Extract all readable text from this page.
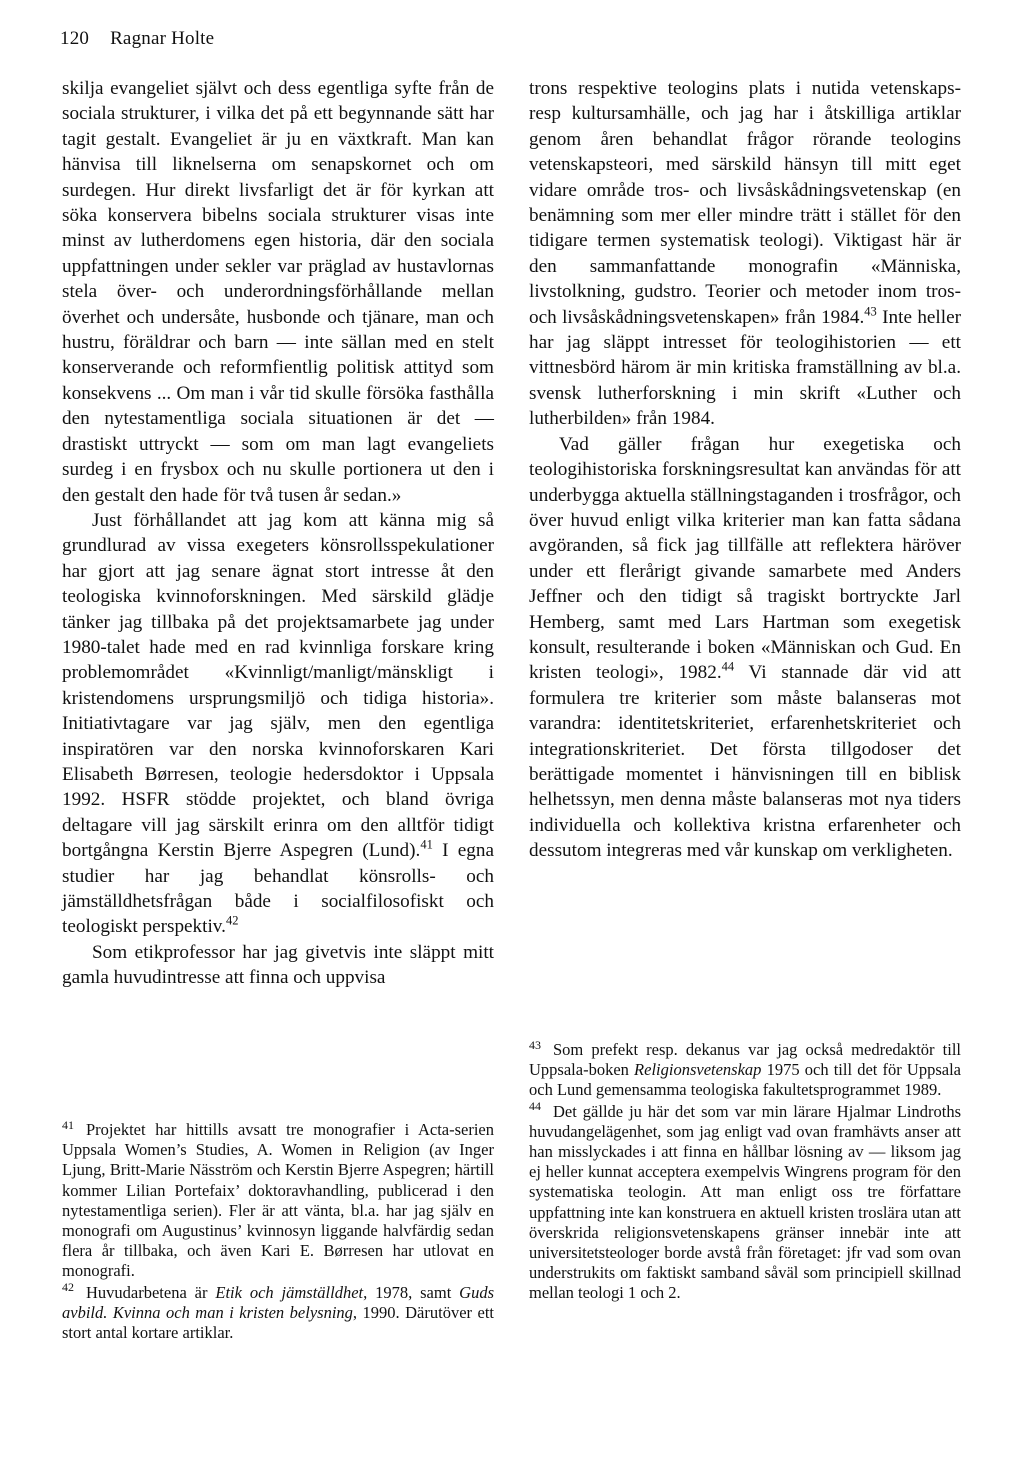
120 Ragnar Holte

skilja evangeliet självt och dess egentliga syfte från de sociala strukturer, i vilka det på ett begynnande sätt har tagit gestalt. Evangeliet är ju en växtkraft. Man kan hänvisa till liknelserna om senapskornet och om surdegen. Hur direkt livsfarligt det är för kyrkan att söka konservera bibelns sociala strukturer visas inte minst av lutherdomens egen historia, där den sociala uppfattningen under sekler var präglad av hustavlornas stela över- och underordningsförhållande mellan överhet och undersåte, husbonde och tjänare, man och hustru, föräldrar och barn — inte sällan med en stelt konserverande och reformfientlig politisk attityd som konsekvens ... Om man i vår tid skulle försöka fasthålla den nytestamentliga sociala situationen är det — drastiskt uttryckt — som om man lagt evangeliets surdeg i en frysbox och nu skulle portionera ut den i den gestalt den hade för två tusen år sedan.»

Just förhållandet att jag kom att känna mig så grundlurad av vissa exegeters könsrollsspekulationer har gjort att jag senare ägnat stort intresse åt den teologiska kvinnoforskningen. Med särskild glädje tänker jag tillbaka på det projektsamarbete jag under 1980-talet hade med en rad kvinnliga forskare kring problemområdet «Kvinnligt/manligt/mänskligt i kristendomens ursprungsmiljö och tidiga historia». Initiativtagare var jag själv, men den egentliga inspiratören var den norska kvinnoforskaren Kari Elisabeth Børresen, teologie hedersdoktor i Uppsala 1992. HSFR stödde projektet, och bland övriga deltagare vill jag särskilt erinra om den alltför tidigt bortgångna Kerstin Bjerre Aspegren (Lund).$^{41}$ I egna studier har jag behandlat könsrolls- och jämställdhetsfrågan både i socialfilosofiskt och teologiskt perspektiv.$^{42}$

Som etikprofessor har jag givetvis inte släppt mitt gamla huvudintresse att finna och uppvisa

trons respektive teologins plats i nutida vetenskaps- resp kultursamhälle, och jag har i åtskilliga artiklar genom åren behandlat frågor rörande teologins vetenskapsteori, med särskild hänsyn till mitt eget vidare område tros- och livsåskådningsvetenskap (en benämning som mer eller mindre trätt i stället för den tidigare termen systematisk teologi). Viktigast här är den sammanfattande monografin «Människa, livstolkning, gudstro. Teorier och metoder inom tros- och livsåskådningsvetenskapen» från 1984.43 Inte heller har jag släppt intresset för teologihistorien — ett vittnesbörd härom är min kritiska framställning av bl.a. svensk lutherforskning i min skrift «Luther och lutherbilden» från 1984.

Vad gäller frågan hur exegetiska och teologihistoriska forskningsresultat kan användas för att underbygga aktuella ställningstaganden i trosfrågor, och över huvud enligt vilka kriterier man kan fatta sådana avgöranden, så fick jag tillfälle att reflektera häröver under ett flerårigt givande samarbete med Anders Jeffner och den tidigt så tragiskt bortryckte Jarl Hemberg, samt med Lars Hartman som exegetisk konsult, resulterande i boken «Människan och Gud. En kristen teologi», 1982.44 Vi stannade där vid att formulera tre kriterier som måste balanseras mot varandra: identitetskriteriet, erfarenhetskriteriet och integrationskriteriet. Det första tillgodoser det berättigade momentet i hänvisningen till en biblisk helhetssyn, men denna måste balanseras mot nya tiders individuella och kollektiva kristna erfarenheter och dessutom integreras med vår kunskap om verkligheten.

$^{41}$ Projektet har hittills avsatt tre monografier i Acta-serien Uppsala Women’s Studies, A. Women in Religion (av Inger Ljung, Britt-Marie Näsström och Kerstin Bjerre Aspegren; härtill kommer Lilian Portefaix’ doktoravhandling, publicerad i den nytestamentliga serien). Fler är att vänta, bl.a. har jag själv en monografi om Augustinus’ kvinnosyn liggande halvfärdig sedan flera år tillbaka, och även Kari E. Børresen har utlovat en monografi.

$^{42}$ Huvudarbetena är Etik och jämställdhet, 1978, samt Guds avbild. Kvinna och man i kristen belysning, 1990. Därutöver ett stort antal kortare artiklar.

$^{43}$ Som prefekt resp. dekanus var jag också medredaktör till Uppsala-boken Religionsvetenskap 1975 och till det för Uppsala och Lund gemensamma teologiska fakultetsprogrammet 1989.

$^{44}$ Det gällde ju här det som var min lärare Hjalmar Lindroths huvudangelägenhet, som jag enligt vad ovan framhävts anser att han misslyckades i att finna en hållbar lösning av — liksom jag ej heller kunnat acceptera exempelvis Wingrens program för den systematiska teologin. Att man enligt oss tre författare uppfattning inte kan konstruera en aktuell kristen troslära utan att överskrida religionsvetenskapens gränser innebär inte att universitetsteologer borde avstå från företaget: jfr vad som ovan understrukits om faktiskt samband såväl som principiell skillnad mellan teologi 1 och 2.
